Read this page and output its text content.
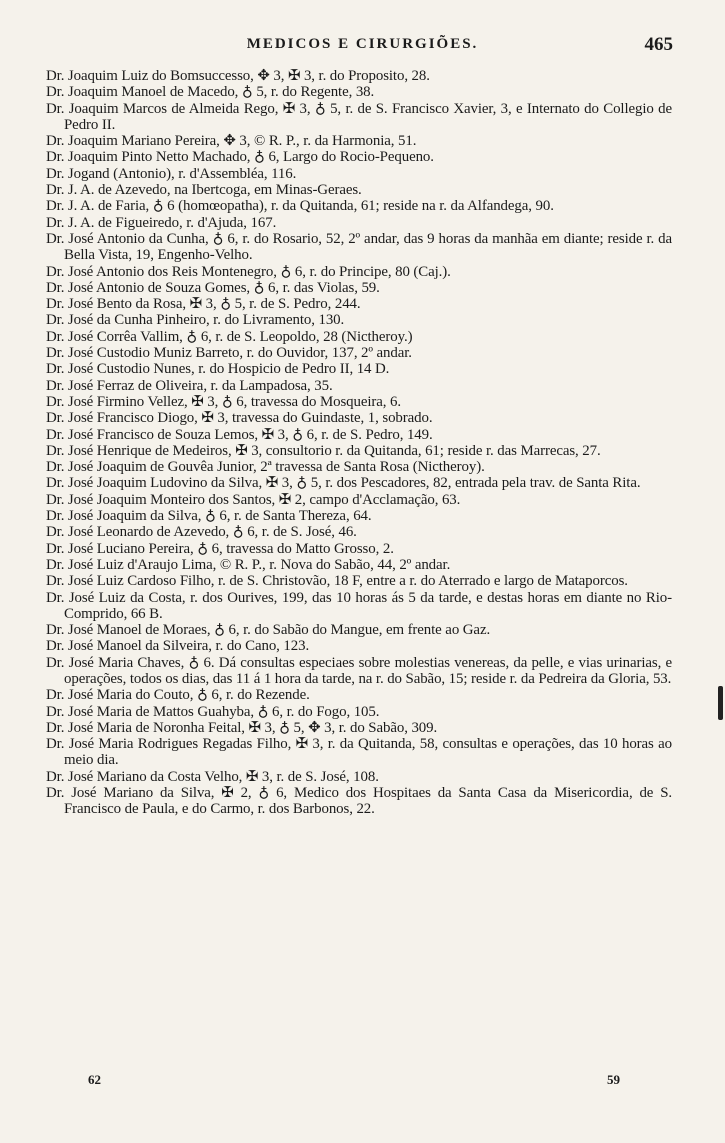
MEDICOS E CIRURGIÕES.	465
Dr. Joaquim Luiz do Bomsuccesso, ✥ 3, ✠ 3, r. do Proposito, 28.
Dr. Joaquim Manoel de Macedo, ♁ 5, r. do Regente, 38.
Dr. Joaquim Marcos de Almeida Rego, ✠ 3, ♁ 5, r. de S. Francisco Xavier, 3, e Internato do Collegio de Pedro II.
Dr. Joaquim Mariano Pereira, ✥ 3, © R. P., r. da Harmonia, 51.
Dr. Joaquim Pinto Netto Machado, ♁ 6, Largo do Rocio-Pequeno.
Dr. Jogand (Antonio), r. d'Assembléa, 116.
Dr. J. A. de Azevedo, na Ibertcoga, em Minas-Geraes.
Dr. J. A. de Faria, ♁ 6 (homœopatha), r. da Quitanda, 61; reside na r. da Alfandega, 90.
Dr. J. A. de Figueiredo, r. d'Ajuda, 167.
Dr. José Antonio da Cunha, ♁ 6, r. do Rosario, 52, 2º andar, das 9 horas da manhãa em diante; reside r. da Bella Vista, 19, Engenho-Velho.
Dr. José Antonio dos Reis Montenegro, ♁ 6, r. do Principe, 80 (Caj.).
Dr. José Antonio de Souza Gomes, ♁ 6, r. das Violas, 59.
Dr. José Bento da Rosa, ✠ 3, ♁ 5, r. de S. Pedro, 244.
Dr. José da Cunha Pinheiro, r. do Livramento, 130.
Dr. José Corrêa Vallim, ♁ 6, r. de S. Leopoldo, 28 (Nictheroy.)
Dr. José Custodio Muniz Barreto, r. do Ouvidor, 137, 2º andar.
Dr. José Custodio Nunes, r. do Hospicio de Pedro II, 14 D.
Dr. José Ferraz de Oliveira, r. da Lampadosa, 35.
Dr. José Firmino Vellez, ✠ 3, ♁ 6, travessa do Mosqueira, 6.
Dr. José Francisco Diogo, ✠ 3, travessa do Guindaste, 1, sobrado.
Dr. José Francisco de Souza Lemos, ✠ 3, ♁ 6, r. de S. Pedro, 149.
Dr. José Henrique de Medeiros, ✠ 3, consultorio r. da Quitanda, 61; reside r. das Marrecas, 27.
Dr. José Joaquim de Gouvêa Junior, 2ª travessa de Santa Rosa (Nictheroy).
Dr. José Joaquim Ludovino da Silva, ✠ 3, ♁ 5, r. dos Pescadores, 82, entrada pela trav. de Santa Rita.
Dr. José Joaquim Monteiro dos Santos, ✠ 2, campo d'Acclamação, 63.
Dr. José Joaquim da Silva, ♁ 6, r. de Santa Thereza, 64.
Dr. José Leonardo de Azevedo, ♁ 6, r. de S. José, 46.
Dr. José Luciano Pereira, ♁ 6, travessa do Matto Grosso, 2.
Dr. José Luiz d'Araujo Lima, © R. P., r. Nova do Sabão, 44, 2º andar.
Dr. José Luiz Cardoso Filho, r. de S. Christovão, 18 F, entre a r. do Aterrado e largo de Mataporcos.
Dr. José Luiz da Costa, r. dos Ourives, 199, das 10 horas ás 5 da tarde, e destas horas em diante no Rio-Comprido, 66 B.
Dr. José Manoel de Moraes, ♁ 6, r. do Sabão do Mangue, em frente ao Gaz.
Dr. José Manoel da Silveira, r. do Cano, 123.
Dr. José Maria Chaves, ♁ 6. Dá consultas especiaes sobre molestias venereas, da pelle, e vias urinarias, e operações, todos os dias, das 11 á 1 hora da tarde, na r. do Sabão, 15; reside r. da Pedreira da Gloria, 53.
Dr. José Maria do Couto, ♁ 6, r. do Rezende.
Dr. José Maria de Mattos Guahyba, ♁ 6, r. do Fogo, 105.
Dr. José Maria de Noronha Feital, ✠ 3, ♁ 5, ✥ 3, r. do Sabão, 309.
Dr. José Maria Rodrigues Regadas Filho, ✠ 3, r. da Quitanda, 58, consultas e operações, das 10 horas ao meio dia.
Dr. José Mariano da Costa Velho, ✠ 3, r. de S. José, 108.
Dr. José Mariano da Silva, ✠ 2, ♁ 6, Medico dos Hospitaes da Santa Casa da Misericordia, de S. Francisco de Paula, e do Carmo, r. dos Barbonos, 22.
62	59
